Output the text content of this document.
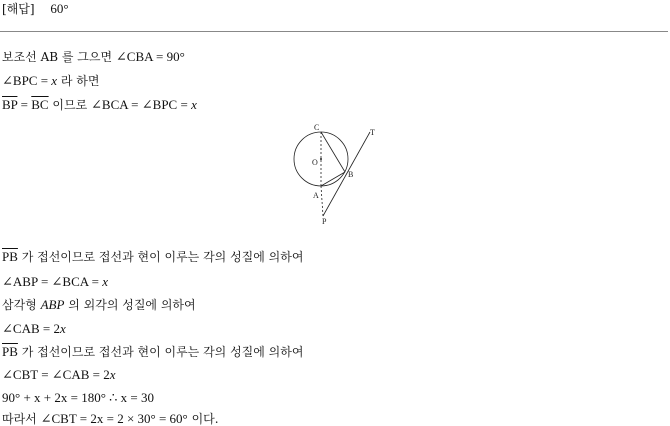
[해답] 60°
보조선 AB 를 그으면 ∠CBA = 90°
∠BPC = x 라 하면
$\overline{BP} = \overline{BC}$ 이므로 ∠BCA = ∠BPC = x
C
T
O
B
A
P
$\overline{PB}$ 가 접선이므로 접선과 현이 이루는 각의 성질에 의하여
∠ABP = ∠BCA = x
삼각형 ABP 의 외각의 성질에 의하여
∠CAB = 2x
$\overline{PB}$ 가 접선이므로 접선과 현이 이루는 각의 성질에 의하여
∠CBT = ∠CAB = 2x
90° + x + 2x = 180° ∴ x = 30
따라서 ∠CBT = 2x = 2 × 30° = 60° 이다.
